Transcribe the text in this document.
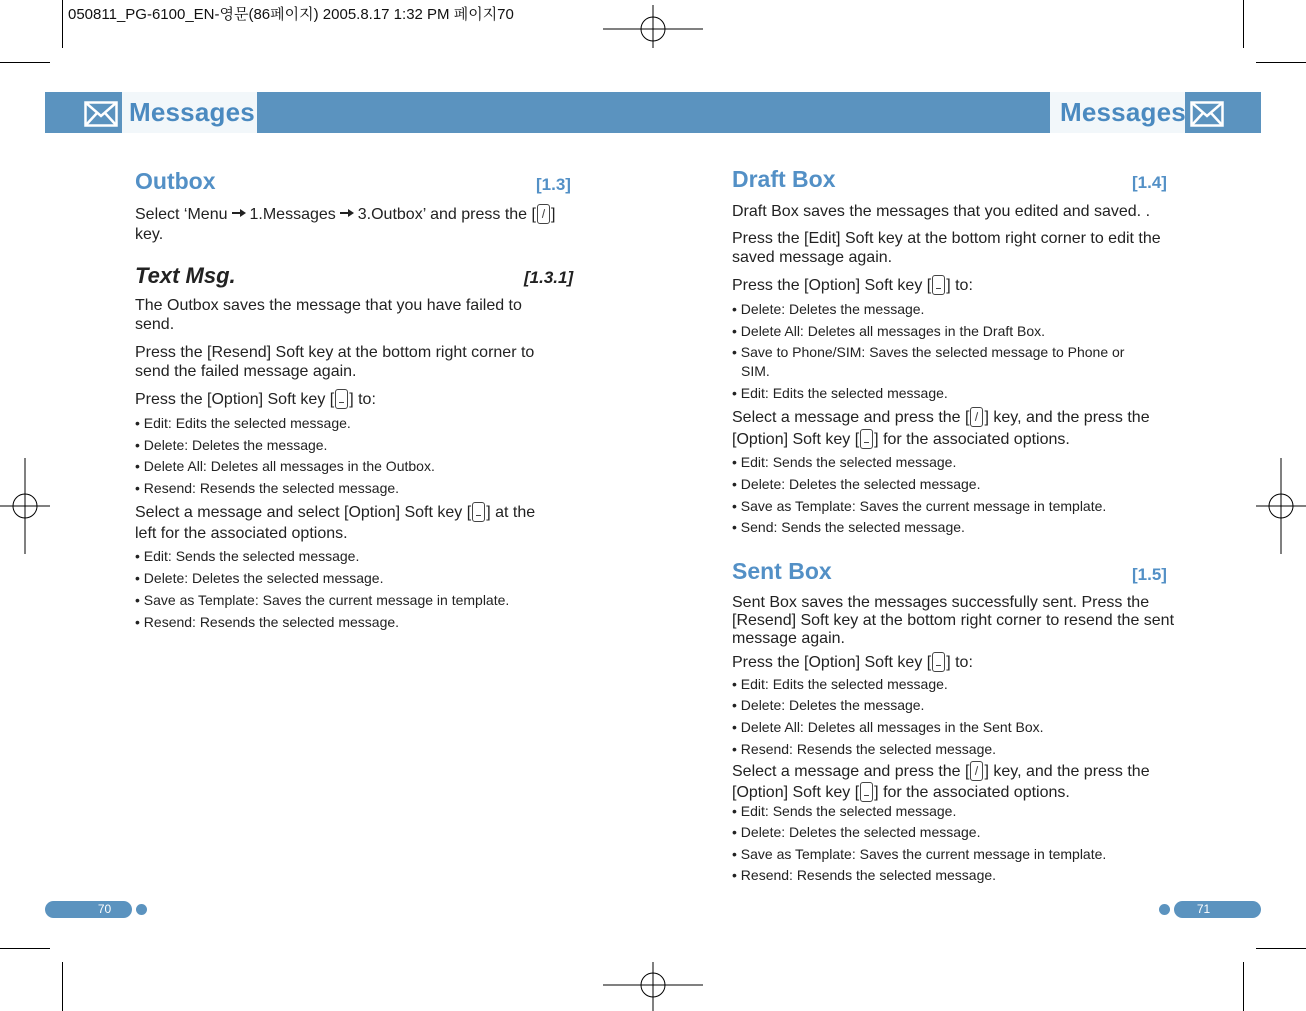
050811_PG-6100_EN-영문(86페이지) 2005.8.17 1:32 PM 페이지70
Messages	Messages
Outbox	[1.3]
Select ‘Menu 1.Messages 3.Outbox’ and press the [ ]
key.
Text Msg.	[1.3.1]
The Outbox saves the message that you have failed to
send.
Press the [Resend] Soft key at the bottom right corner to
send the failed message again.
Press the [Option] Soft key [ ] to:
• Edit: Edits the selected message.
• Delete: Deletes the message.
• Delete All: Deletes all messages in the Outbox.
• Resend: Resends the selected message.
Select a message and select [Option] Soft key [ ] at the
left for the associated options.
• Edit: Sends the selected message.
• Delete: Deletes the selected message.
• Save as Template: Saves the current message in template.
• Resend: Resends the selected message.
Draft Box	[1.4]
Draft Box saves the messages that you edited and saved. .
Press the [Edit] Soft key at the bottom right corner to edit the
saved message again.
Press the [Option] Soft key [ ] to:
• Delete: Deletes the message.
• Delete All: Deletes all messages in the Draft Box.
• Save to Phone/SIM: Saves the selected message to Phone or
SIM.
• Edit: Edits the selected message.
Select a message and press the [ ] key, and the press the
[Option] Soft key [ ] for the associated options.
• Edit: Sends the selected message.
• Delete: Deletes the selected message.
• Save as Template: Saves the current message in template.
• Send: Sends the selected message.
Sent Box	[1.5]
Sent Box saves the messages successfully sent. Press the
[Resend] Soft key at the bottom right corner to resend the sent
message again.
Press the [Option] Soft key [ ] to:
• Edit: Edits the selected message.
• Delete: Deletes the message.
• Delete All: Deletes all messages in the Sent Box.
• Resend: Resends the selected message.
Select a message and press the [ ] key, and the press the
[Option] Soft key [ ] for the associated options.
• Edit: Sends the selected message.
• Delete: Deletes the selected message.
• Save as Template: Saves the current message in template.
• Resend: Resends the selected message.
70	71
